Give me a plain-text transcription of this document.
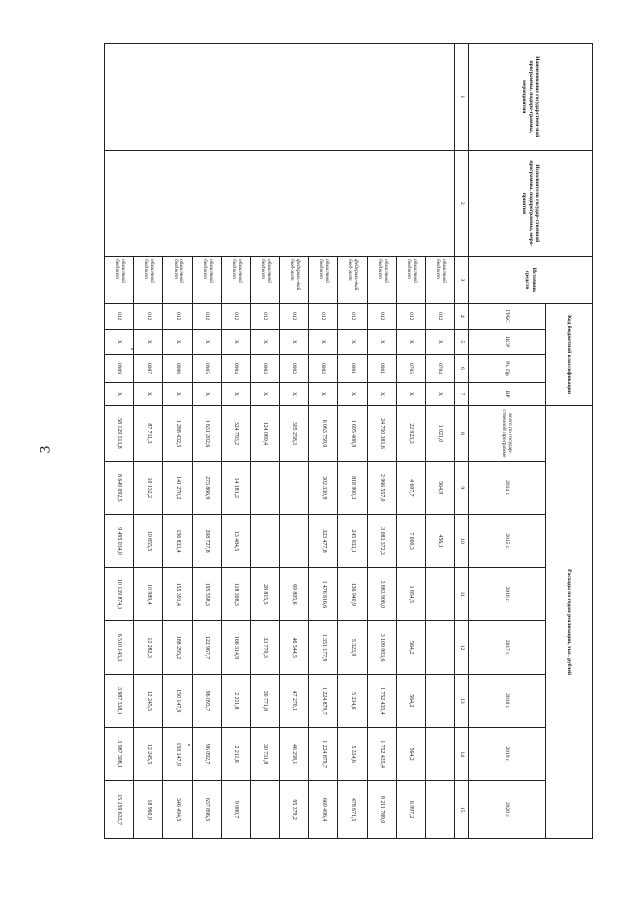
3
Наименование государствен-ной программы, подпро-граммы, мероприятия	Исполнители государ-ственной программы, подпрограммы, меро-приятия	Источник средств	Код бюджетной классификации				Расходы по годам реализации, тыс. рублей							
			ГРБС	ЦСР	Рз, Пр	ВР	всего по государ-ственной программе	2014 г.	2015 г.	2016 г.	2017 г.	2018 г.	2019 г.	2020 г.
1	2	3	4	5	6	7	8	9	10	11	12	13	14	15
		областной бюджет	012	Х	0704	Х	1 021,0	564,9	456,1					
		областной бюджет	012	Х	0705	Х	22 923,3	4 697,7	7 690,3	1 854,5	564,2	564,2	564,2	6 997,2
		областной бюджет	012	Х	0901	Х	24 750 381,6	2 966 557,0	3 083 372,3	3 883 908,0	3 109 003,6	1 752 435,4	1 752 435,4	8 211 789,0
		федераль-ный бюд-жет	012	Х	0901	Х	1 695 408,9	818 900,3	245 033,1	136 940,9	5 323,9	5 334,6	5 334,6	478 671,5
		областной бюджет	012	Х	0902	Х	6 063 759,0	302 330,9	323 477,8	1 476 816,6	1 351 177,9	1 224 879,7	1 224 879,7	669 496,4
		федераль-ный бюд-жет	012	Х	0902	Х	305 258,3			69 805,6	46 544,5	47 270,1	46 258,1	95 379,2
		областной бюджет	012	Х	0903	Х	124 089,4			28 815,5	33 770,3	30 771,8	30 731,8	
		областной бюджет	012	Х	0904	Х	324 793,2	14 181,2	13 484,5	118 308,3	166 314,9	2 211,8	2 211,8	9 080,7
		областной бюджет	012	Х	0905	Х	1 631 202,6	273 866,9	208 727,8	195 558,3	122 967,7	96 093,7	96 092,7	637 896,5
		областной бюджет	012	Х	0906	Х	1 288 432,5	141 270,2	156 833,4	155 391,4	188 295,2	150 147,9	150 147,9	346 494,5
		областной бюджет	012	Х	0907	Х	87 711,3	10 132,2	10 855,5	10 989,4	12 282,3	12 245,5	12 245,5	18 960,9
		областной бюджет	012	Х	0909	Х	58 129 313,8	8 649 092,5	9 495 034,0	10 139 874,1	6 510 143,3	3 987 338,1	3 987 308,1	15 159 633,7
